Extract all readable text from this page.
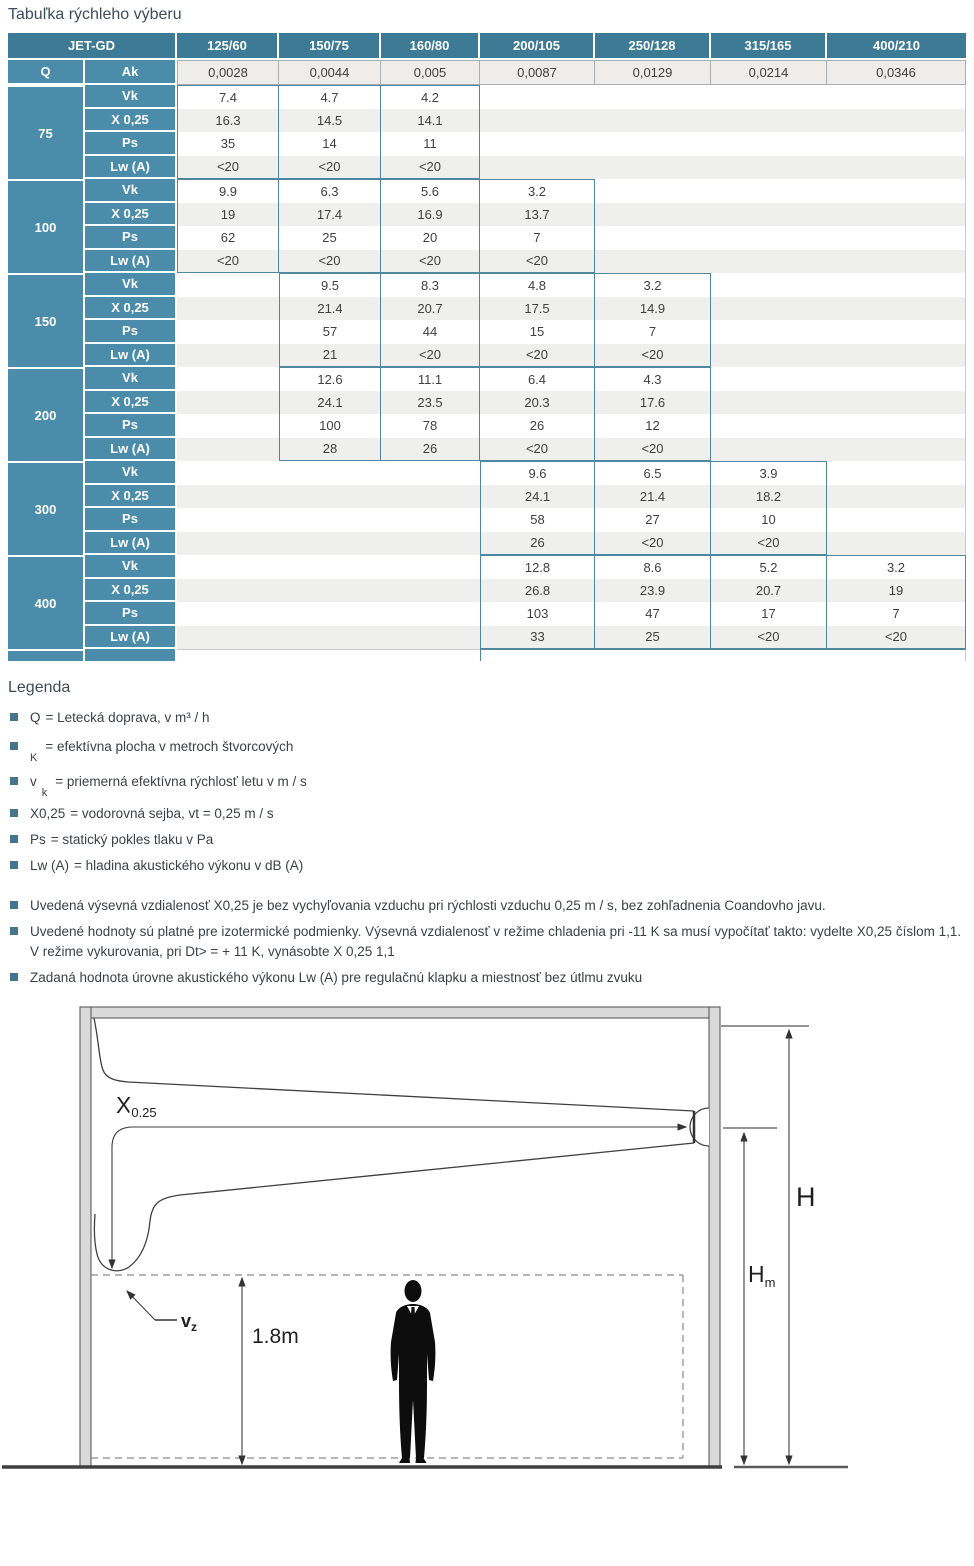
Tabuľka rýchleho výberu
JET-GD		125/60	150/75	160/80	200/105	250/128	315/165	400/210
Q	Ak	0,0028	0,0044	0,005	0,0087	0,0129	0,0214	0,0346
75	Vk	7.4	4.7	4.2				
	X 0,25	16.3	14.5	14.1				
	Ps	35	14	11				
	Lw (A)	<20	<20	<20				
100	Vk	9.9	6.3	5.6	3.2			
	X 0,25	19	17.4	16.9	13.7			
	Ps	62	25	20	7			
	Lw (A)	<20	<20	<20	<20			
150	Vk		9.5	8.3	4.8	3.2		
	X 0,25		21.4	20.7	17.5	14.9		
	Ps		57	44	15	7		
	Lw (A)		21	<20	<20	<20		
200	Vk		12.6	11.1	6.4	4.3		
	X 0,25		24.1	23.5	20.3	17.6		
	Ps		100	78	26	12		
	Lw (A)		28	26	<20	<20		
300	Vk				9.6	6.5	3.9	
	X 0,25				24.1	21.4	18.2	
	Ps				58	27	10	
	Lw (A)				26	<20	<20	
400	Vk				12.8	8.6	5.2	3.2
	X 0,25				26.8	23.9	20.7	19
	Ps				103	47	17	7
	Lw (A)				33	25	<20	<20

Legenda
Q = Letecká doprava, v m³ / h
$_K$= efektívna plocha v metroch štvorcových
$v_k=$ priemerná efektívna rýchlosť letu v m / s
X0,25 = vodorovná sejba, vt = 0,25 m / s
Ps = statický pokles tlaku v Pa
Lw (A) = hladina akustického výkonu v dB (A)
Uvedená výsevná vzdialenosť X0,25 je bez vychyľovania vzduchu pri rýchlosti vzduchu 0,25 m / s, bez zohľadnenia Coandovho javu.
Uvedené hodnoty sú platné pre izotermické podmienky. Výsevná vzdialenosť v režime chladenia pri -11 K sa musí vypočítať takto: vydelte X0,25 číslom 1,1. V režime vykurovania, pri Dt> = + 11 K, vynásobte X 0,25 1,1
Zadaná hodnota úrovne akustického výkonu Lw (A) pre regulačnú klapku a miestnosť bez útlmu zvuku
$X_{0.25}$
$v_z$	1.8m
H
$H_m$
